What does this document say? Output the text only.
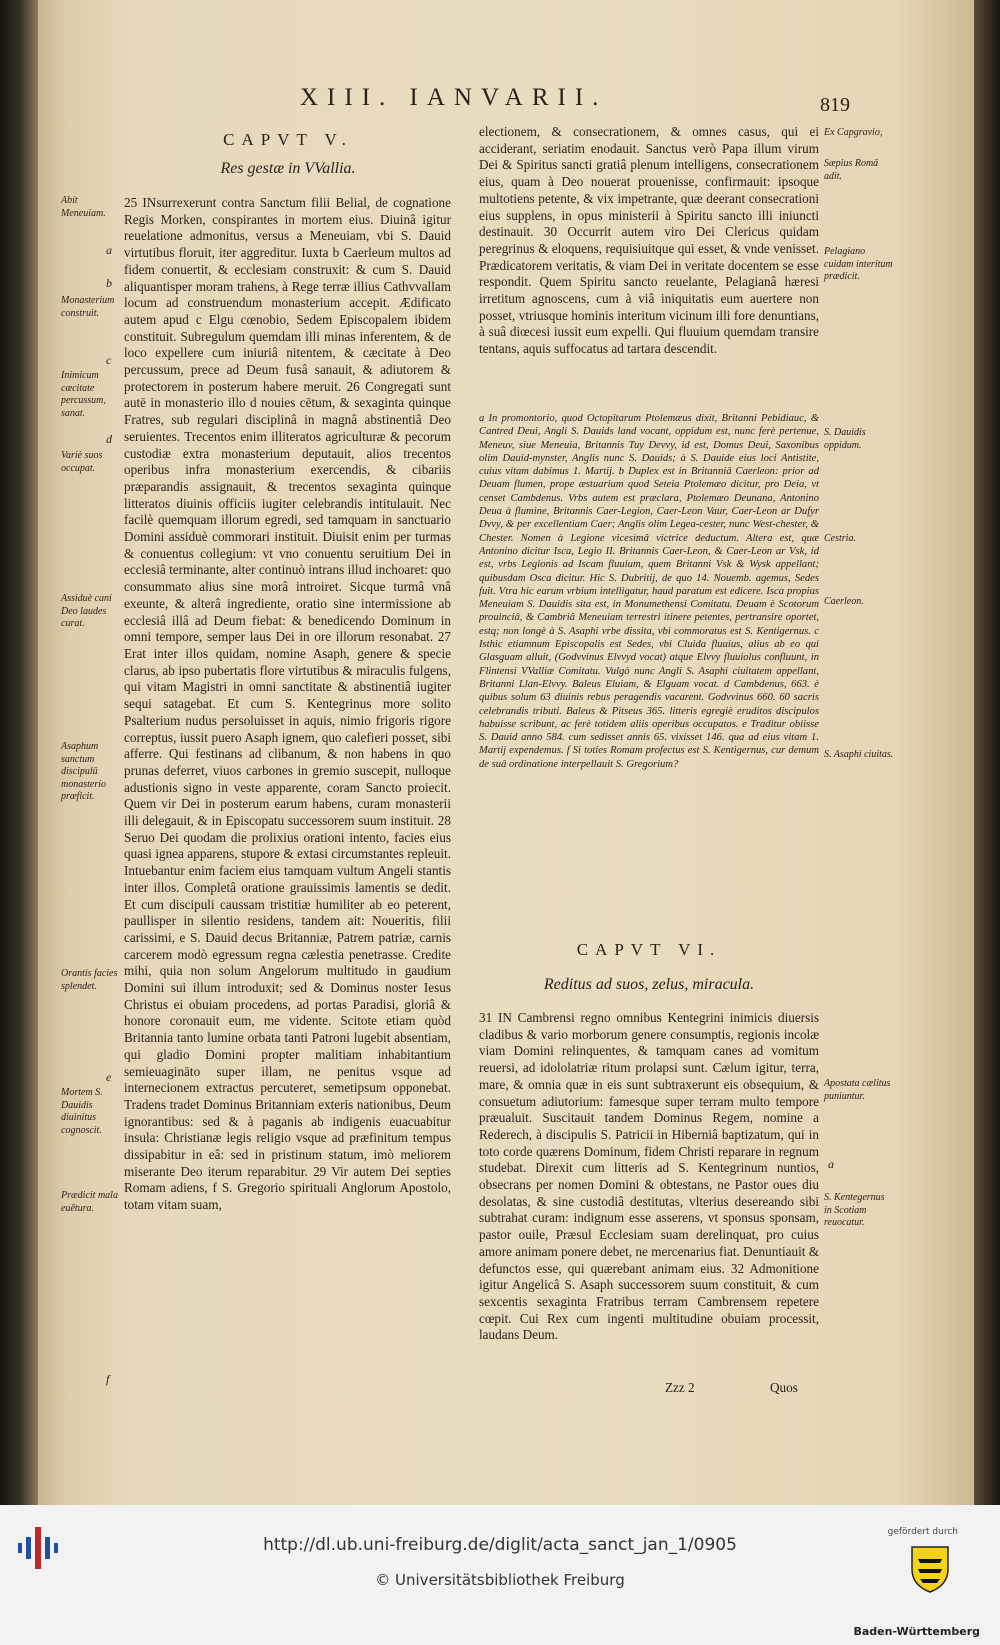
XIII. IANVARII.	819
CAPVT V.
Res gestæ in VVallia.
25 INsurrexerunt contra Sanctum filii Belial, de cognatione Regis Morken, conspirantes in mortem eius. Diuinâ igitur reuelatione admonitus, versus a Meneuiam, vbi S. Dauid virtutibus floruit, iter aggreditur. Iuxta b Caerleum multos ad fidem conuertit, & ecclesiam construxit: & cum S. Dauid aliquantisper moram trahens, à Rege terræ illius Cathvvallam locum ad construendum monasterium accepit. Ædificato autem apud c Elgu cœnobio, Sedem Episcopalem ibidem constituit. Subregulum quemdam illi minas inferentem, & de loco expellere cum iniuriâ nitentem, & cæcitate à Deo percussum, prece ad Deum fusâ sanauit, & adiutorem & protectorem in posterum habere meruit. 26 Congregati sunt autē in monasterio illo d nouies cētum, & sexaginta quinque Fratres, sub regulari disciplinâ in magnâ abstinentiâ Deo seruientes. Trecentos enim illiteratos agriculturæ & pecorum custodiæ extra monasterium deputauit, alios trecentos operibus infra monasterium exercendis, & cibariis præparandis assignauit, & trecentos sexaginta quinque litteratos diuinis officiis iugiter celebrandis intitulauit. Nec facilè quemquam illorum egredi, sed tamquam in sanctuario Domini assiduè commorari instituit. Diuisit enim per turmas & conuentus collegium: vt vno conuentu seruitium Dei in ecclesiâ terminante, alter continuò intrans illud inchoaret: quo consummato alius sine morâ introiret. Sicque turmâ vnâ exeunte, & alterâ ingrediente, oratio sine intermissione ab ecclesiâ illâ ad Deum fiebat: & benedicendo Dominum in omni tempore, semper laus Dei in ore illorum resonabat. 27 Erat inter illos quidam, nomine Asaph, genere & specie clarus, ab ipso pubertatis flore virtutibus & miraculis fulgens, qui vitam Magistri in omni sanctitate & abstinentiâ iugiter sequi satagebat. Et cum S. Kentegrinus more solito Psalterium nudus persoluisset in aquis, nimio frigoris rigore correptus, iussit puero Asaph ignem, quo calefieri posset, sibi afferre. Qui festinans ad clibanum, & non habens in quo prunas deferret, viuos carbones in gremio suscepit, nulloque adustionis signo in veste apparente, coram Sancto proiecit. Quem vir Dei in posterum earum habens, curam monasterii illi delegauit, & in Episcopatu successorem suum instituit. 28 Seruo Dei quodam die prolixius orationi intento, facies eius quasi ignea apparens, stupore & extasi circumstantes repleuit. Intuebantur enim faciem eius tamquam vultum Angeli stantis inter illos. Completâ oratione grauissimis lamentis se dedit. Et cum discipuli caussam tristitiæ humiliter ab eo peterent, paullisper in silentio residens, tandem ait: Noueritis, filii carissimi, e S. Dauid decus Britanniæ, Patrem patriæ, carnis carcerem modò egressum regna cælestia penetrasse. Credite mihi, quia non solum Angelorum multitudo in gaudium Domini sui illum introduxit; sed & Dominus noster Iesus Christus ei obuiam procedens, ad portas Paradisi, gloriâ & honore coronauit eum, me vidente. Scitote etiam quòd Britannia tanto lumine orbata tanti Patroni lugebit absentiam, qui gladio Domini propter malitiam inhabitantium semieuagināto super illam, ne penitus vsque ad internecionem extractus percuteret, semetipsum opponebat. Tradens tradet Dominus Britanniam exteris nationibus, Deum ignorantibus: sed & à paganis ab indigenis euacuabitur insula: Christianæ legis religio vsque ad præfinitum tempus dissipabitur in eâ: sed in pristinum statum, imò meliorem miserante Deo iterum reparabitur. 29 Vir autem Dei septies Romam adiens, f S. Gregorio spirituali Anglorum Apostolo, totam vitam suam,
Abit Meneuiam.
Monasterium construit.
Inimicum cæcitate percussum, sanat.
Variè suos occupat.
Assiduè cani Deo laudes curat.
Asaphum sanctum discipulū monasterio præficit.
Orantis facies splendet.
Mortem S. Dauidis diuinitus cognoscit.
Prædicit mala euētura.
a
b
c
d
e
f
electionem, & consecrationem, & omnes casus, qui ei acciderant, seriatim enodauit. Sanctus verò Papa illum virum Dei & Spiritus sancti gratiâ plenum intelligens, consecrationem eius, quam à Deo nouerat prouenisse, confirmauit: ipsoque multotiens petente, & vix impetrante, quæ deerant consecrationi eius supplens, in opus ministerii à Spiritu sancto illi iniuncti destinauit. 30 Occurrit autem viro Dei Clericus quidam peregrinus & eloquens, requisiuitque qui esset, & vnde venisset. Prædicatorem veritatis, & viam Dei in veritate docentem se esse respondit. Quem Spiritu sancto reuelante, Pelagianâ hæresi irretitum agnoscens, cum à viâ iniquitatis eum auertere non posset, vtriusque hominis interitum vicinum illi fore denuntians, à suâ diœcesi iussit eum expelli. Qui fluuium quemdam transire tentans, aquis suffocatus ad tartara descendit.
a In promontorio, quod Octopitarum Ptolemæus dixit, Britanni Pebidiauc, & Cantred Deui, Angli S. Dauids land vocant, oppidum est, nunc ferè pertenue, Meneuv, siue Meneuia, Britannis Tuy Devvy, id est, Domus Deui, Saxonibus olim Dauid-mynster, Anglis nunc S. Dauids; à S. Dauide eius loci Antistite, cuius vitam dabimus 1. Martij. b Duplex est in Britanniâ Caerleon: prior ad Deuam flumen, prope æstuarium quod Seteia Ptolemæo dicitur, pro Deia, vt censet Cambdenus. Vrbs autem est præclara, Ptolemæo Deunana, Antonino Deua à flumine, Britannis Caer-Legion, Caer-Leon Vaur, Caer-Leon ar Dufyr Dvvy, & per excellentiam Caer; Anglis olim Legea-cester, nunc West-chester, & Chester. Nomen à Legione vicesimâ victrice deductum. Altera est, quæ Antonino dicitur Isca, Legio II. Britannis Caer-Leon, & Caer-Leon ar Vsk, id est, vrbs Legionis ad Iscam fluuium, quem Britanni Vsk & Wysk appellant; quibusdam Osca dicitur. Hic S. Dubritij, de quo 14. Nouemb. agemus, Sedes fuit. Vtra hic earum vrbium intelligatur, haud paratum est edicere. Isca propius Meneuiam S. Dauidis sita est, in Monumethensi Comitatu. Deuam è Scotorum prouinciâ, & Cambriâ Meneuiam terrestri itinere petentes, pertransire oportet, estq; non longè à S. Asaphi vrbe dissita, vbi commoratus est S. Kentigernus. c Isthic etiamnum Episcopalis est Sedes, vbi Cluida fluuius, alius ab eo qui Glasguam alluit, (Godvvinus Elvvyd vocat) atque Elvvy fluuiolus confluunt, in Flintensi VValliæ Comitatu. Vulgò nunc Angli S. Asaphi ciuitatem appellant, Britanni Llan-Elvvy. Baleus Eluiam, & Elguam vocat. d Cambdenus, 663. è quibus solum 63 diuinis rebus peragendis vacarent. Godvvinus 660. 60 sacris celebrandis tributi. Baleus & Pitseus 365. litteris egregiè eruditos discipulos habuisse scribunt, ac ferè totidem aliis operibus occupatos. e Traditur obiisse S. Dauid anno 584. cum sedisset annis 65. vixisset 146. qua ad eius vitam 1. Martij expendemus. f Si toties Romam profectus est S. Kentigernus, cur demum de suâ ordinatione interpellauit S. Gregorium?
CAPVT VI.
Reditus ad suos, zelus, miracula.
31 IN Cambrensi regno omnibus Kentegrini inimicis diuersis cladibus & vario morborum genere consumptis, regionis incolæ viam Domini relinquentes, & tamquam canes ad vomitum reuersi, ad idololatriæ ritum prolapsi sunt. Cælum igitur, terra, mare, & omnia quæ in eis sunt subtraxerunt eis obsequium, & consuetum adiutorium: famesque super terram multo tempore præualuit. Suscitauit tandem Dominus Regem, nomine a Rederech, à discipulis S. Patricii in Hiberniâ baptizatum, qui in toto corde quærens Dominum, fidem Christi reparare in regnum studebat. Direxit cum litteris ad S. Kentegrinum nuntios, obsecrans per nomen Domini & obtestans, ne Pastor oues diu desolatas, & sine custodiâ destitutas, vlterius desereando sibi subtrahat curam: indignum esse asserens, vt sponsus sponsam, pastor ouile, Præsul Ecclesiam suam derelinquat, pro cuius amore animam ponere debet, ne mercenarius fiat. Denuntiauit & defunctos esse, qui quærebant animam eius. 32 Admonitione igitur Angelicâ S. Asaph successorem suum constituit, & cum sexcentis sexaginta Fratribus terram Cambrensem repetere cœpit. Cui Rex cum ingenti multitudine obuiam processit, laudans Deum.
Zzz 2	Quos
Ex Capgravio,
Sæpius Romā adit.
Pelagiano cuidam interitum prædicit.
S. Dauidis oppidum.
Cestria.
Caerleon.
S. Asaphi ciuitas.
Apostata cælitus puniuntur.
a
S. Kentegernus in Scotiam reuocatur.
http://dl.ub.uni-freiburg.de/diglit/acta_sanct_jan_1/0905
© Universitätsbibliothek Freiburg
gefördert durch
Baden-Württemberg
